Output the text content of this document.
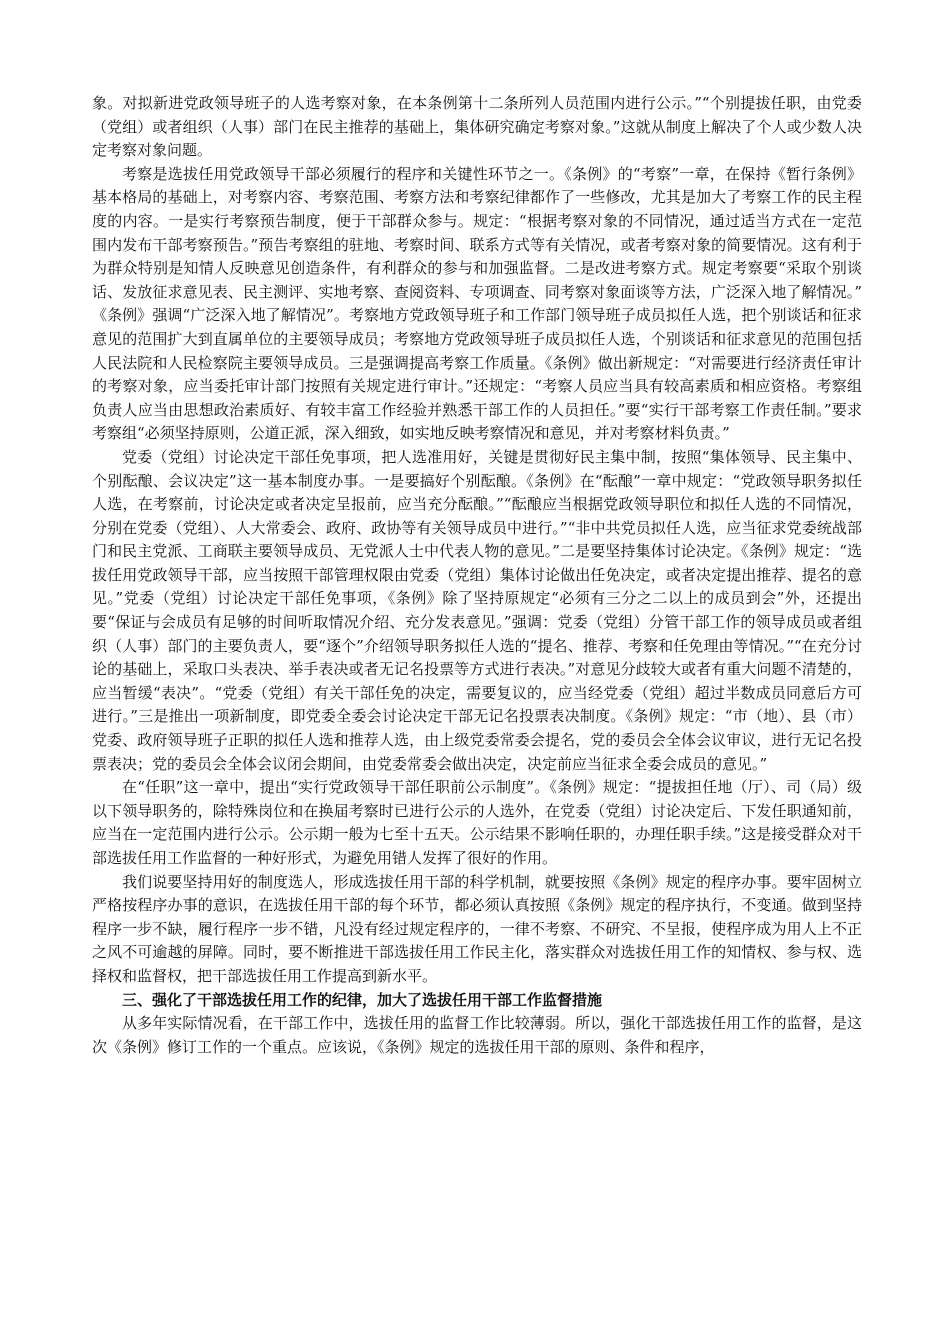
象。对拟新进党政领导班子的人选考察对象，在本条例第十二条所列人员范围内进行公示。”“个别提拔任职，由党委（党组）或者组织（人事）部门在民主推荐的基础上，集体研究确定考察对象。”这就从制度上解决了个人或少数人决定考察对象问题。

考察是选拔任用党政领导干部必须履行的程序和关键性环节之一。《条例》的“考察”一章，在保持《暂行条例》基本格局的基础上，对考察内容、考察范围、考察方法和考察纪律都作了一些修改，尤其是加大了考察工作的民主程度的内容。一是实行考察预告制度，便于干部群众参与。规定：“根据考察对象的不同情况，通过适当方式在一定范围内发布干部考察预告。”预告考察组的驻地、考察时间、联系方式等有关情况，或者考察对象的简要情况。这有利于为群众特别是知情人反映意见创造条件，有利群众的参与和加强监督。二是改进考察方式。规定考察要“采取个别谈话、发放征求意见表、民主测评、实地考察、查阅资料、专项调查、同考察对象面谈等方法，广泛深入地了解情况。” 《条例》强调“广泛深入地了解情况”。考察地方党政领导班子和工作部门领导班子成员拟任人选，把个别谈话和征求意见的范围扩大到直属单位的主要领导成员；考察地方党政领导班子成员拟任人选，个别谈话和征求意见的范围包括人民法院和人民检察院主要领导成员。三是强调提高考察工作质量。《条例》做出新规定：“对需要进行经济责任审计的考察对象，应当委托审计部门按照有关规定进行审计。”还规定：“考察人员应当具有较高素质和相应资格。考察组负责人应当由思想政治素质好、有较丰富工作经验并熟悉干部工作的人员担任。”要“实行干部考察工作责任制。”要求考察组“必须坚持原则，公道正派，深入细致，如实地反映考察情况和意见，并对考察材料负责。”

党委（党组）讨论决定干部任免事项，把人选准用好，关键是贯彻好民主集中制，按照“集体领导、民主集中、个别酝酿、会议决定”这一基本制度办事。一是要搞好个别酝酿。《条例》在“酝酿”一章中规定：“党政领导职务拟任人选，在考察前，讨论决定或者决定呈报前，应当充分酝酿。”“酝酿应当根据党政领导职位和拟任人选的不同情况，分别在党委（党组）、人大常委会、政府、政协等有关领导成员中进行。”“非中共党员拟任人选，应当征求党委统战部门和民主党派、工商联主要领导成员、无党派人士中代表人物的意见。”二是要坚持集体讨论决定。《条例》规定：“选拔任用党政领导干部，应当按照干部管理权限由党委（党组）集体讨论做出任免决定，或者决定提出推荐、提名的意见。”党委（党组）讨论决定干部任免事项，《条例》除了坚持原规定“必须有三分之二以上的成员到会”外，还提出要“保证与会成员有足够的时间听取情况介绍、充分发表意见。”强调：党委（党组）分管干部工作的领导成员或者组织（人事）部门的主要负责人，要“逐个”介绍领导职务拟任人选的“提名、推荐、考察和任免理由等情况。”“在充分讨论的基础上，采取口头表决、举手表决或者无记名投票等方式进行表决。”对意见分歧较大或者有重大问题不清楚的，应当暂缓“表决”。“党委（党组）有关干部任免的决定，需要复议的，应当经党委（党组）超过半数成员同意后方可进行。”三是推出一项新制度，即党委全委会讨论决定干部无记名投票表决制度。《条例》规定：“市（地）、县（市）党委、政府领导班子正职的拟任人选和推荐人选，由上级党委常委会提名，党的委员会全体会议审议，进行无记名投票表决；党的委员会全体会议闭会期间，由党委常委会做出决定，决定前应当征求全委会成员的意见。”

在“任职”这一章中，提出“实行党政领导干部任职前公示制度”。《条例》规定：“提拔担任地（厅）、司（局）级以下领导职务的，除特殊岗位和在换届考察时已进行公示的人选外，在党委（党组）讨论决定后、下发任职通知前，应当在一定范围内进行公示。公示期一般为七至十五天。公示结果不影响任职的，办理任职手续。”这是接受群众对干部选拔任用工作监督的一种好形式，为避免用错人发挥了很好的作用。

我们说要坚持用好的制度选人，形成选拔任用干部的科学机制，就要按照《条例》规定的程序办事。要牢固树立严格按程序办事的意识，在选拔任用干部的每个环节，都必须认真按照《条例》规定的程序执行，不变通。做到坚持程序一步不缺，履行程序一步不错，凡没有经过规定程序的，一律不考察、不研究、不呈报，使程序成为用人上不正之风不可逾越的屏障。同时，要不断推进干部选拔任用工作民主化，落实群众对选拔任用工作的知情权、参与权、选择权和监督权，把干部选拔任用工作提高到新水平。

三、强化了干部选拔任用工作的纪律，加大了选拔任用干部工作监督措施

从多年实际情况看，在干部工作中，选拔任用的监督工作比较薄弱。所以，强化干部选拔任用工作的监督，是这次《条例》修订工作的一个重点。应该说，《条例》规定的选拔任用干部的原则、条件和程序，
